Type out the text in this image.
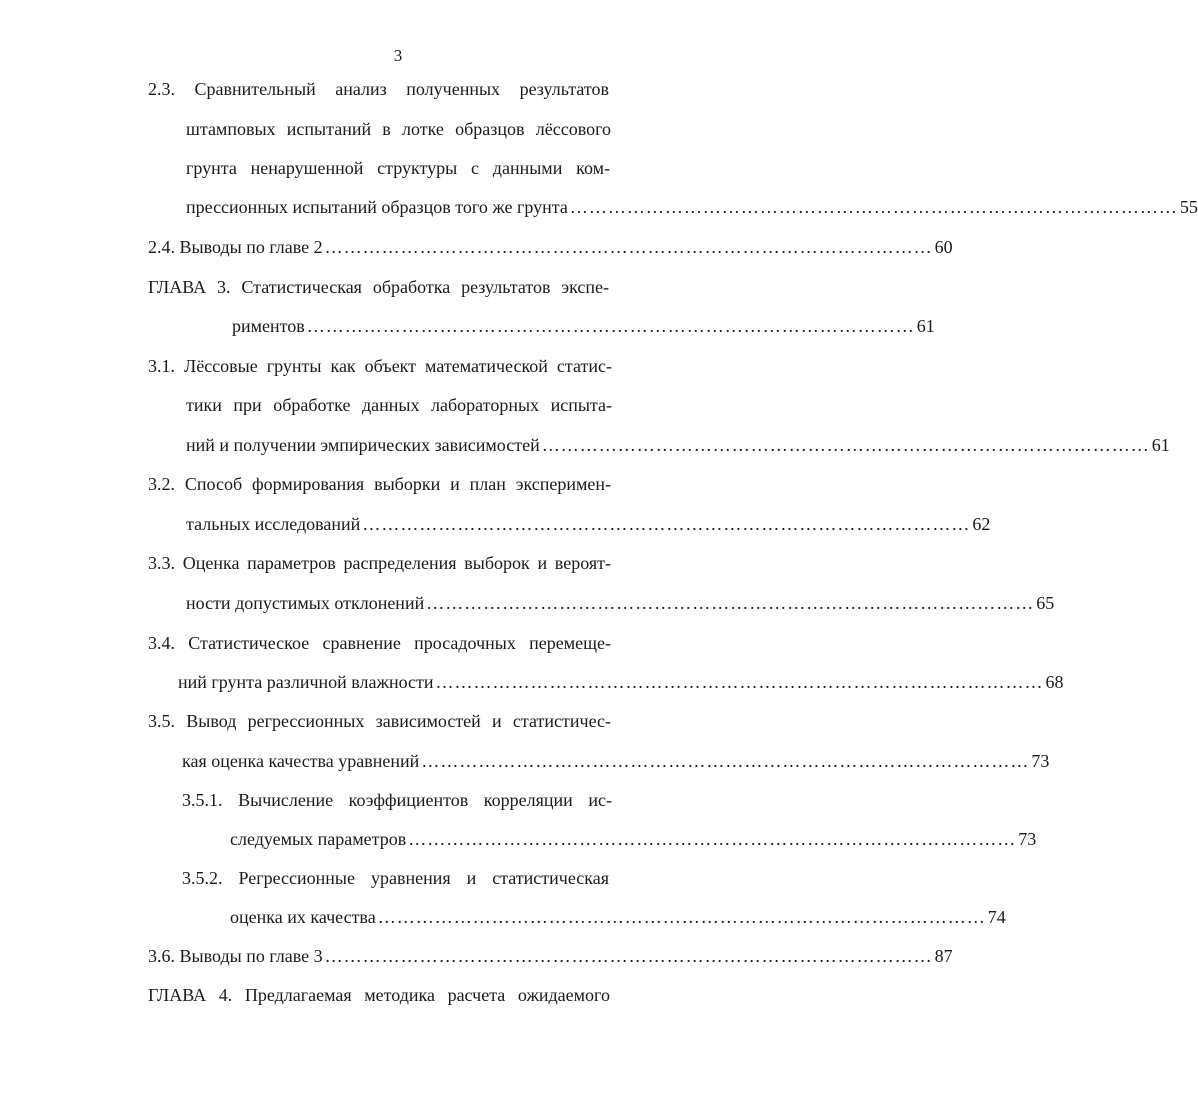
3
2.3. Сравнительный анализ полученных результатов
штамповых испытаний в лотке образцов лёссового
грунта ненарушенной структуры с данными ком-
прессионных испытаний образцов того же грунта …………………………………………………………………………………… 55
2.4. Выводы по главе 2 …………………………………………………………………………………… 60
ГЛАВА 3. Статистическая обработка результатов экспе-
риментов …………………………………………………………………………………… 61
3.1. Лёссовые грунты как объект математической статис-
тики при обработке данных лабораторных испыта-
ний и получении эмпирических зависимостей …………………………………………………………………………………… 61
3.2. Способ формирования выборки и план эксперимен-
тальных исследований …………………………………………………………………………………… 62
3.3. Оценка параметров распределения выборок и вероят-
ности допустимых отклонений …………………………………………………………………………………… 65
3.4. Статистическое сравнение просадочных перемеще-
ний грунта различной влажности …………………………………………………………………………………… 68
3.5. Вывод регрессионных зависимостей и статистичес-
кая оценка качества уравнений …………………………………………………………………………………… 73
3.5.1. Вычисление коэффициентов корреляции ис-
следуемых параметров …………………………………………………………………………………… 73
3.5.2. Регрессионные уравнения и статистическая
оценка их качества …………………………………………………………………………………… 74
3.6. Выводы по главе 3 …………………………………………………………………………………… 87
ГЛАВА 4. Предлагаемая методика расчета ожидаемого
